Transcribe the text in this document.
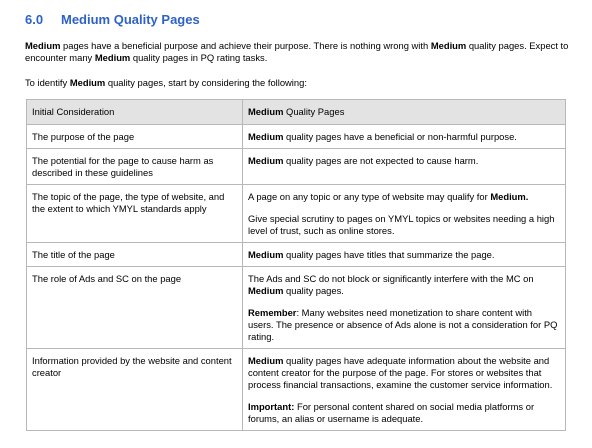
6.0 Medium Quality Pages
Medium pages have a beneficial purpose and achieve their purpose. There is nothing wrong with Medium quality pages. Expect to encounter many Medium quality pages in PQ rating tasks.
To identify Medium quality pages, start by considering the following:
Initial Consideration	Medium Quality Pages
The purpose of the page	Medium quality pages have a beneficial or non-harmful purpose.

The potential for the page to cause harm as described in these guidelines	Medium quality pages are not expected to cause harm.

The topic of the page, the type of website, and the extent to which YMYL standards apply	A page on any topic or any type of website may qualify for Medium.

Give special scrutiny to pages on YMYL topics or websites needing a high level of trust, such as online stores.

The title of the page	Medium quality pages have titles that summarize the page.

The role of Ads and SC on the page	The Ads and SC do not block or significantly interfere with the MC on Medium quality pages.

Remember: Many websites need monetization to share content with users. The presence or absence of Ads alone is not a consideration for PQ rating.

Information provided by the website and content creator	Medium quality pages have adequate information about the website and content creator for the purpose of the page. For stores or websites that process financial transactions, examine the customer service information.

Important: For personal content shared on social media platforms or forums, an alias or username is adequate.
